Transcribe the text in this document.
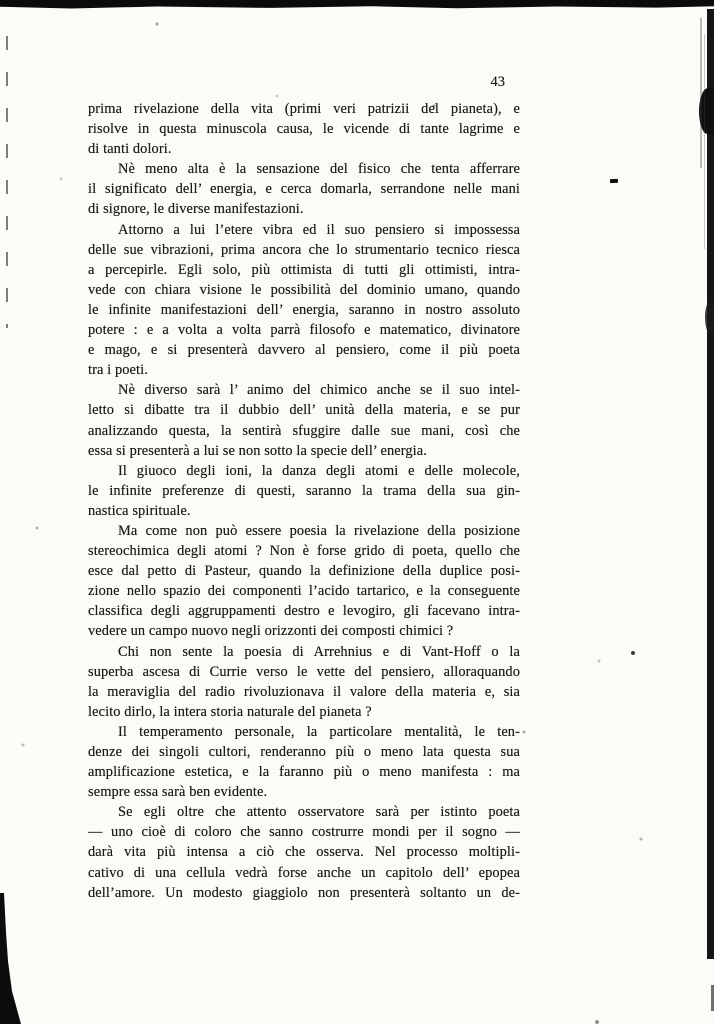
43
prima rivelazione della vita (primi veri patrizii del pianeta), e
risolve in questa minuscola causa, le vicende di tante lagrime e
di tanti dolori.
Nè meno alta è la sensazione del fisico che tenta afferrare
il significato dell’ energia, e cerca domarla, serrandone nelle mani
di signore, le diverse manifestazioni.
Attorno a lui l’etere vibra ed il suo pensiero si impossessa
delle sue vibrazioni, prima ancora che lo strumentario tecnico riesca
a percepirle. Egli solo, più ottimista di tutti gli ottimisti, intra-
vede con chiara visione le possibilità del dominio umano, quando
le infinite manifestazioni dell’ energia, saranno in nostro assoluto
potere : e a volta a volta parrà filosofo e matematico, divinatore
e mago, e si presenterà davvero al pensiero, come il più poeta
tra i poeti.
Nè diverso sarà l’ animo del chimico anche se il suo intel-
letto si dibatte tra il dubbio dell’ unità della materia, e se pur
analizzando questa, la sentirà sfuggire dalle sue mani, così che
essa si presenterà a lui se non sotto la specie dell’ energia.
Il giuoco degli ioni, la danza degli atomi e delle molecole,
le infinite preferenze di questi, saranno la trama della sua gin-
nastica spirituale.
Ma come non può essere poesia la rivelazione della posizione
stereochimica degli atomi ? Non è forse grido di poeta, quello che
esce dal petto di Pasteur, quando la definizione della duplice posi-
zione nello spazio dei componenti l’acido tartarico, e la conseguente
classifica degli aggruppamenti destro e levogiro, gli facevano intra-
vedere un campo nuovo negli orizzonti dei composti chimici ?
Chi non sente la poesia di Arrehnius e di Vant-Hoff o la
superba ascesa di Currie verso le vette del pensiero, alloraquando
la meraviglia del radio rivoluzionava il valore della materia e, sia
lecito dirlo, la intera storia naturale del pianeta ?
Il temperamento personale, la particolare mentalità, le ten-
denze dei singoli cultori, renderanno più o meno lata questa sua
amplificazione estetica, e la faranno più o meno manifesta : ma
sempre essa sarà ben evidente.
Se egli oltre che attento osservatore sarà per istinto poeta
— uno cioè di coloro che sanno costrurre mondi per il sogno —
darà vita più intensa a ciò che osserva. Nel processo moltipli-
cativo di una cellula vedrà forse anche un capitolo dell’ epopea
dell’amore. Un modesto giaggiolo non presenterà soltanto un de-
